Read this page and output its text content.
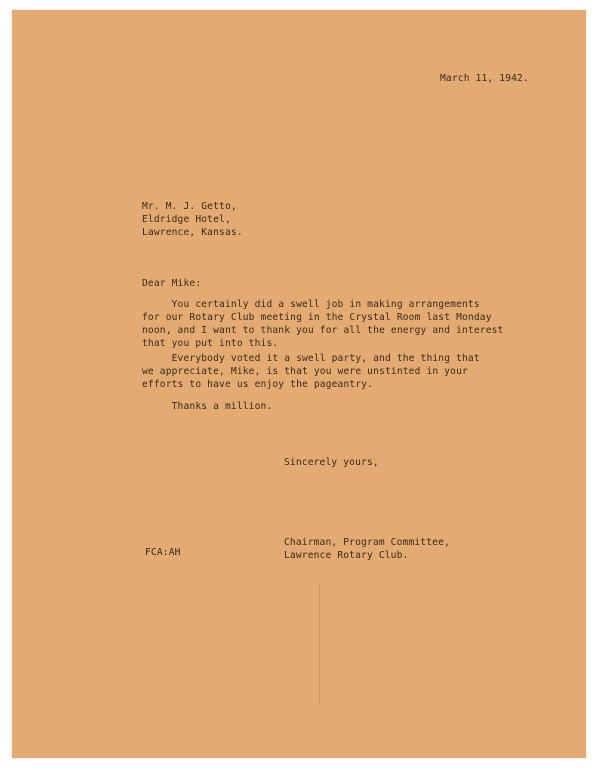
March 11, 1942.
Mr. M. J. Getto,
Eldridge Hotel,
Lawrence, Kansas.
Dear Mike:
You certainly did a swell job in making arrangements
for our Rotary Club meeting in the Crystal Room last Monday
noon, and I want to thank you for all the energy and interest
that you put into this.
Everybody voted it a swell party, and the thing that
we appreciate, Mike, is that you were unstinted in your
efforts to have us enjoy the pageantry.
Thanks a million.
Sincerely yours,
Chairman, Program Committee,
Lawrence Rotary Club.
FCA:AH
